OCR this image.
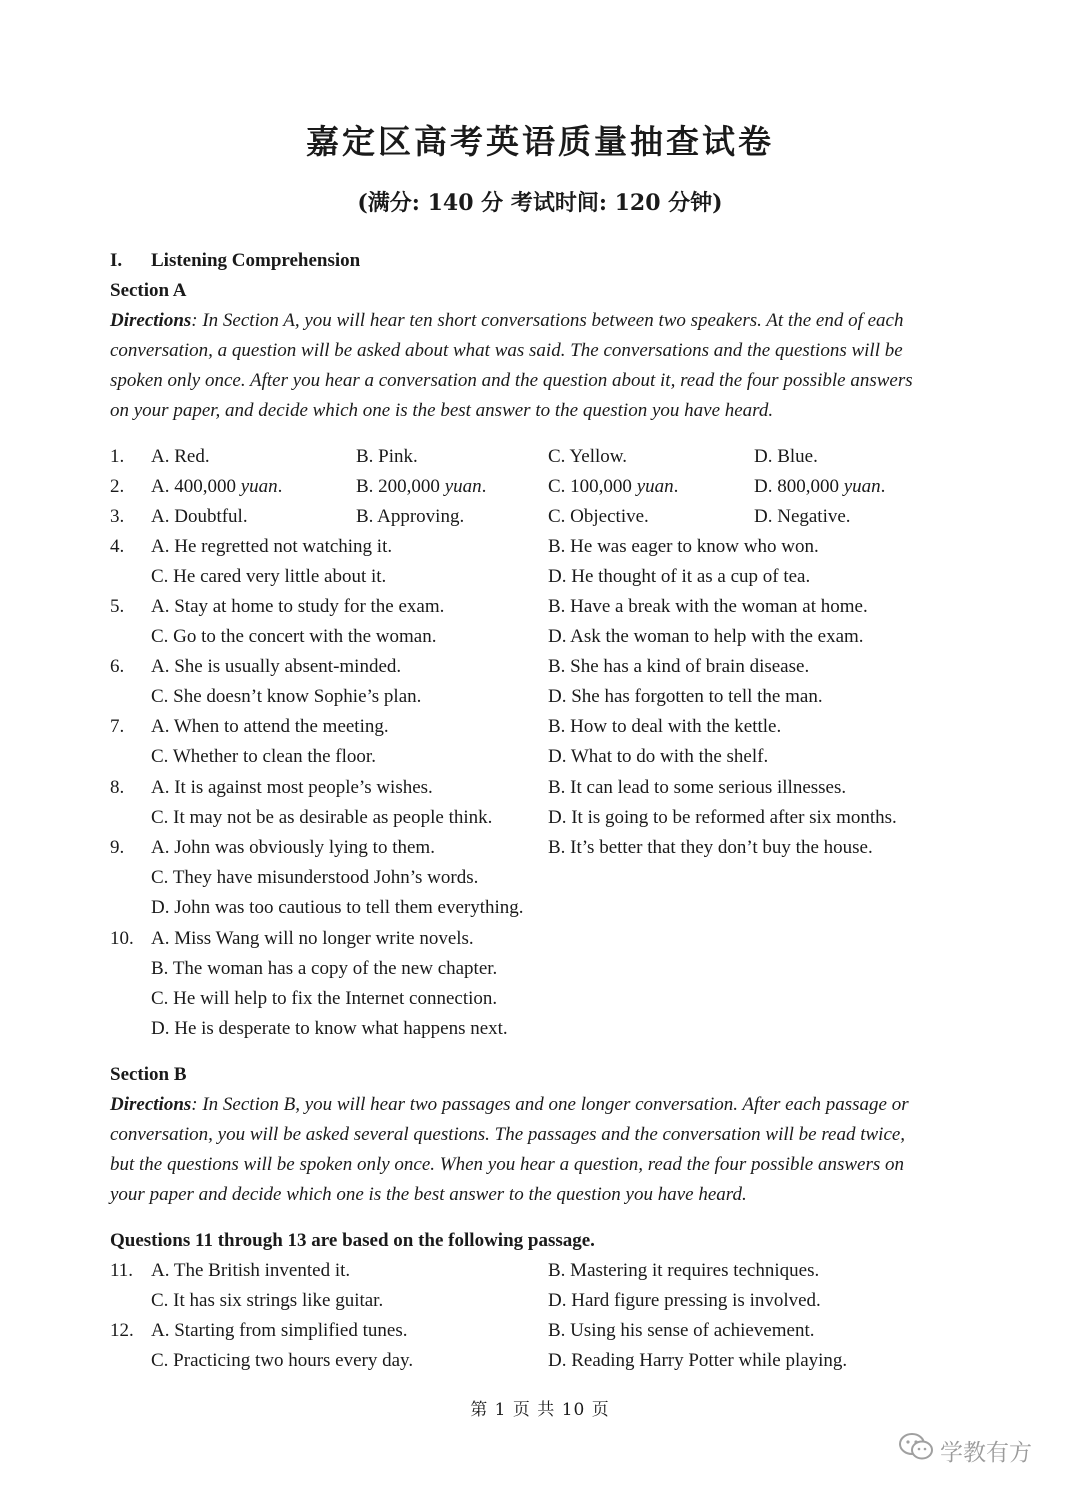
嘉定区高考英语质量抽查试卷
(满分: 140 分 考试时间: 120 分钟)
I. Listening Comprehension
Section A
Directions: In Section A, you will hear ten short conversations between two speakers. At the end of each
conversation, a question will be asked about what was said. The conversations and the questions will be
spoken only once. After you hear a conversation and the question about it, read the four possible answers
on your paper, and decide which one is the best answer to the question you have heard.
1. A. Red.	B. Pink.	C. Yellow.	D. Blue.
2. A. 400,000 yuan.	B. 200,000 yuan.	C. 100,000 yuan.	D. 800,000 yuan.
3. A. Doubtful.	B. Approving.	C. Objective.	D. Negative.
4. A. He regretted not watching it.	B. He was eager to know who won.
C. He cared very little about it.	D. He thought of it as a cup of tea.
5. A. Stay at home to study for the exam.	B. Have a break with the woman at home.
C. Go to the concert with the woman.	D. Ask the woman to help with the exam.
6. A. She is usually absent-minded.	B. She has a kind of brain disease.
C. She doesn’t know Sophie’s plan.	D. She has forgotten to tell the man.
7. A. When to attend the meeting.	B. How to deal with the kettle.
C. Whether to clean the floor.	D. What to do with the shelf.
8. A. It is against most people’s wishes.	B. It can lead to some serious illnesses.
C. It may not be as desirable as people think.	D. It is going to be reformed after six months.
9. A. John was obviously lying to them.	B. It’s better that they don’t buy the house.
C. They have misunderstood John’s words.
D. John was too cautious to tell them everything.
10. A. Miss Wang will no longer write novels.
B. The woman has a copy of the new chapter.
C. He will help to fix the Internet connection.
D. He is desperate to know what happens next.
Section B
Directions: In Section B, you will hear two passages and one longer conversation. After each passage or
conversation, you will be asked several questions. The passages and the conversation will be read twice,
but the questions will be spoken only once. When you hear a question, read the four possible answers on
your paper and decide which one is the best answer to the question you have heard.
Questions 11 through 13 are based on the following passage.
11. A. The British invented it.	B. Mastering it requires techniques.
C. It has six strings like guitar.	D. Hard figure pressing is involved.
12. A. Starting from simplified tunes.	B. Using his sense of achievement.
C. Practicing two hours every day.	D. Reading Harry Potter while playing.
第 1 页 共 10 页
学教有方
